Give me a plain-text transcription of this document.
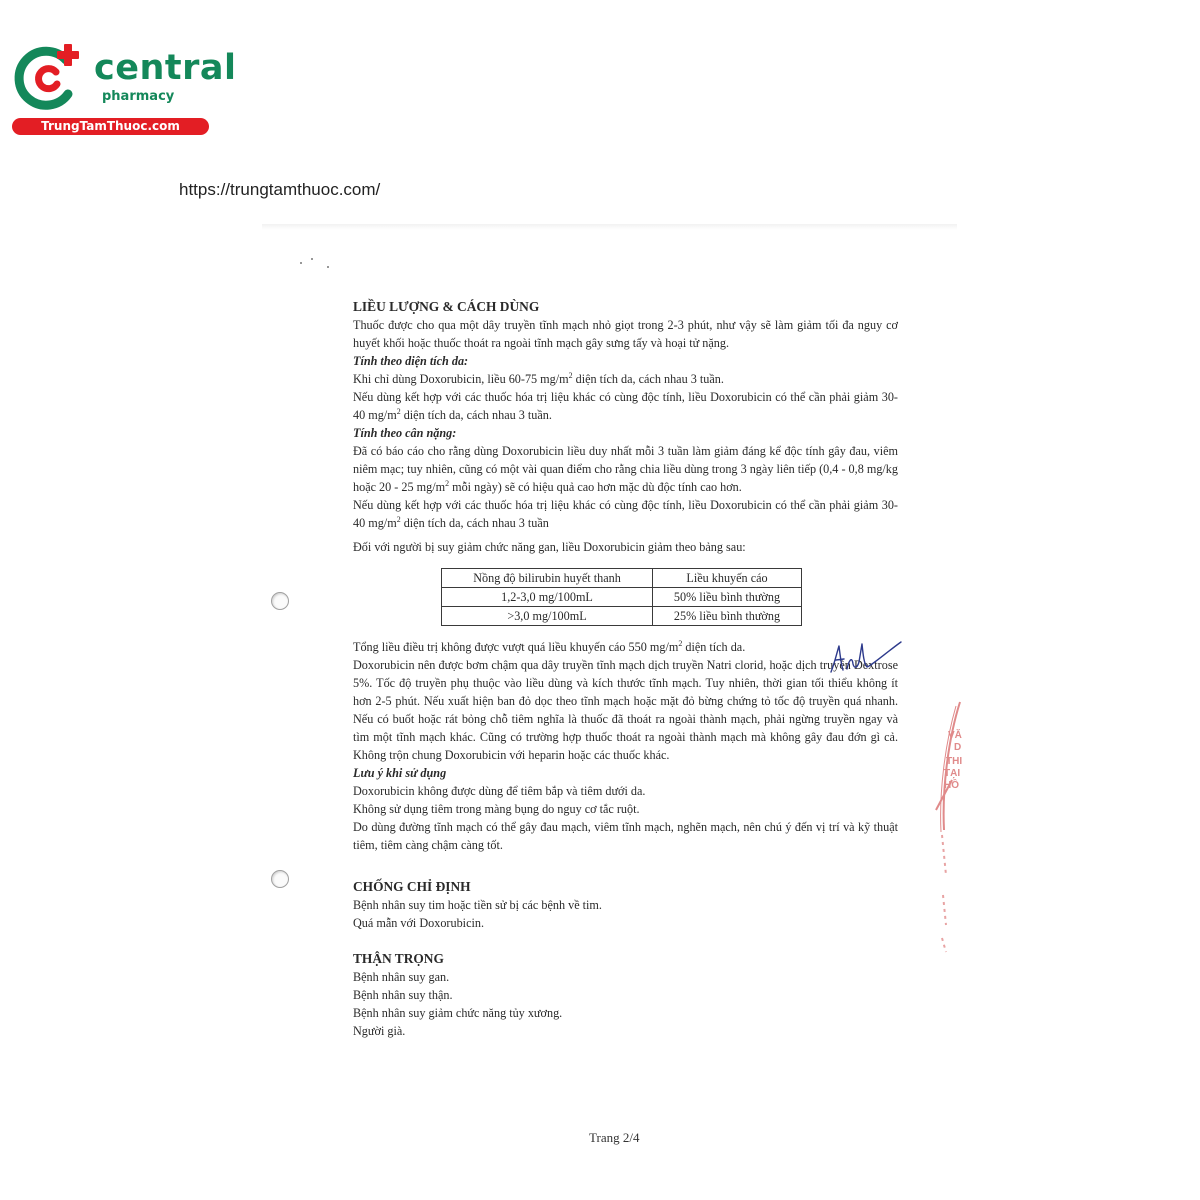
central
pharmacy
TrungTamThuoc.com
https://trungtamthuoc.com/

LIỀU LƯỢNG & CÁCH DÙNG

Thuốc được cho qua một dây truyền tĩnh mạch nhỏ giọt trong 2-3 phút, như vậy sẽ làm giảm tối đa nguy cơ huyết khối hoặc thuốc thoát ra ngoài tĩnh mạch gây sưng tấy và hoại tử nặng.

Tính theo diện tích da:

Khi chỉ dùng Doxorubicin, liều 60-75 $mg/m^2$ diện tích da, cách nhau 3 tuần.

Nếu dùng kết hợp với các thuốc hóa trị liệu khác có cùng độc tính, liều Doxorubicin có thể cần phải giảm 30-40 $mg/m^2$ diện tích da, cách nhau 3 tuần.

Tính theo cân nặng:

Đã có báo cáo cho rằng dùng Doxorubicin liều duy nhất mỗi 3 tuần làm giảm đáng kể độc tính gây đau, viêm niêm mạc; tuy nhiên, cũng có một vài quan điểm cho rằng chia liều dùng trong 3 ngày liên tiếp (0,4 - 0,8 mg/kg hoặc 20 - 25 $mg/m^2$ mỗi ngày) sẽ có hiệu quả cao hơn mặc dù độc tính cao hơn.

Nếu dùng kết hợp với các thuốc hóa trị liệu khác có cùng độc tính, liều Doxorubicin có thể cần phải giảm 30-40 $mg/m^2$ diện tích da, cách nhau 3 tuần

Đối với người bị suy giảm chức năng gan, liều Doxorubicin giảm theo bảng sau:

Nồng độ bilirubin huyết thanh	Liều khuyến cáo
1,2-3,0 mg/100mL	50% liều bình thường
>3,0 mg/100mL	25% liều bình thường

Tổng liều điều trị không được vượt quá liều khuyến cáo 550 $mg/m^2$ diện tích da.

Doxorubicin nên được bơm chậm qua dây truyền tĩnh mạch dịch truyền Natri clorid, hoặc dịch truyền Dextrose 5%. Tốc độ truyền phụ thuộc vào liều dùng và kích thước tĩnh mạch. Tuy nhiên, thời gian tối thiểu không ít hơn 2-5 phút. Nếu xuất hiện ban đỏ dọc theo tĩnh mạch hoặc mặt đỏ bừng chứng tỏ tốc độ truyền quá nhanh. Nếu có buốt hoặc rát bỏng chỗ tiêm nghĩa là thuốc đã thoát ra ngoài thành mạch, phải ngừng truyền ngay và tìm một tĩnh mạch khác. Cũng có trường hợp thuốc thoát ra ngoài thành mạch mà không gây đau đớn gì cả. Không trộn chung Doxorubicin với heparin hoặc các thuốc khác.

Lưu ý khi sử dụng

Doxorubicin không được dùng để tiêm bắp và tiêm dưới da.

Không sử dụng tiêm trong màng bụng do nguy cơ tắc ruột.

Do dùng đường tĩnh mạch có thể gây đau mạch, viêm tĩnh mạch, nghẽn mạch, nên chú ý đến vị trí và kỹ thuật tiêm, tiêm càng chậm càng tốt.

CHỐNG CHỈ ĐỊNH

Bệnh nhân suy tim hoặc tiền sử bị các bệnh về tim.

Quá mẫn với Doxorubicin.

THẬN TRỌNG

Bệnh nhân suy gan.

Bệnh nhân suy thận.

Bệnh nhân suy giảm chức năng tủy xương.

Người già.

VĂ
D
THI
TẠI
HỒ
Trang 2/4
